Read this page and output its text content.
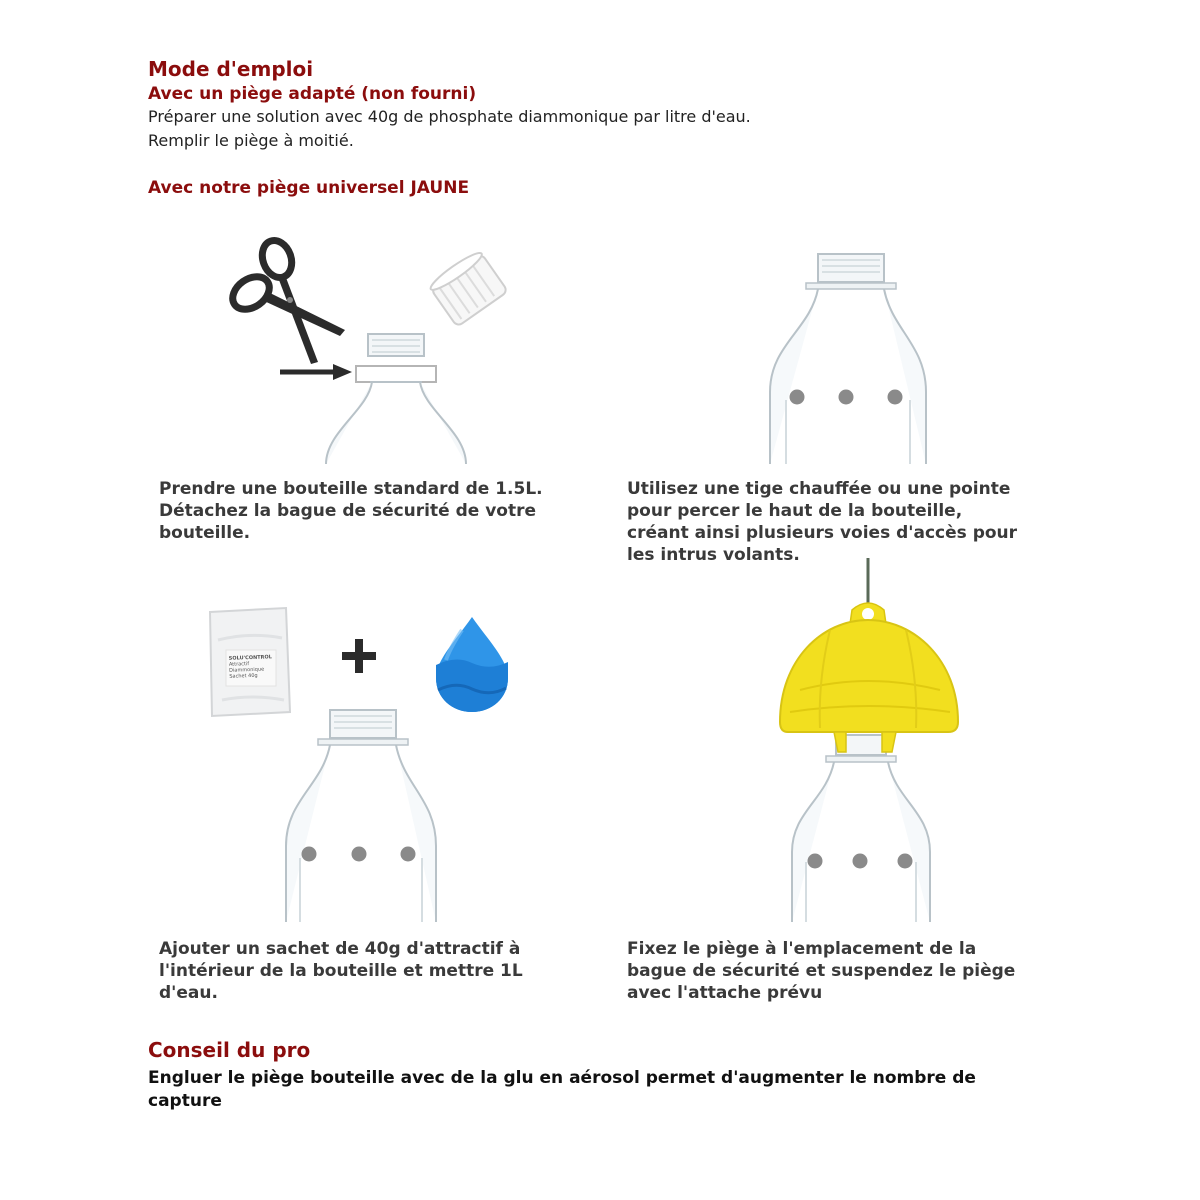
Mode d'emploi
Avec un piège adapté (non fourni)
Préparer une solution avec 40g de phosphate diammonique par litre d'eau.
Remplir le piège à moitié.
Avec notre piège universel JAUNE
SOLU'CONTROL
Attractif Diammonique
Sachet 40g
Prendre une bouteille standard de 1.5L.
Détachez la bague de sécurité de votre
bouteille.
Utilisez une tige chauffée ou une pointe
pour percer le haut de la bouteille,
créant ainsi plusieurs voies d'accès pour
les intrus volants.
Ajouter un sachet de 40g d'attractif à
l'intérieur de la bouteille et mettre 1L
d'eau.
Fixez le piège à l'emplacement de la
bague de sécurité et suspendez le piège
avec l'attache prévu
Conseil du pro
Engluer le piège bouteille avec de la glu en aérosol permet d'augmenter le nombre de
capture
